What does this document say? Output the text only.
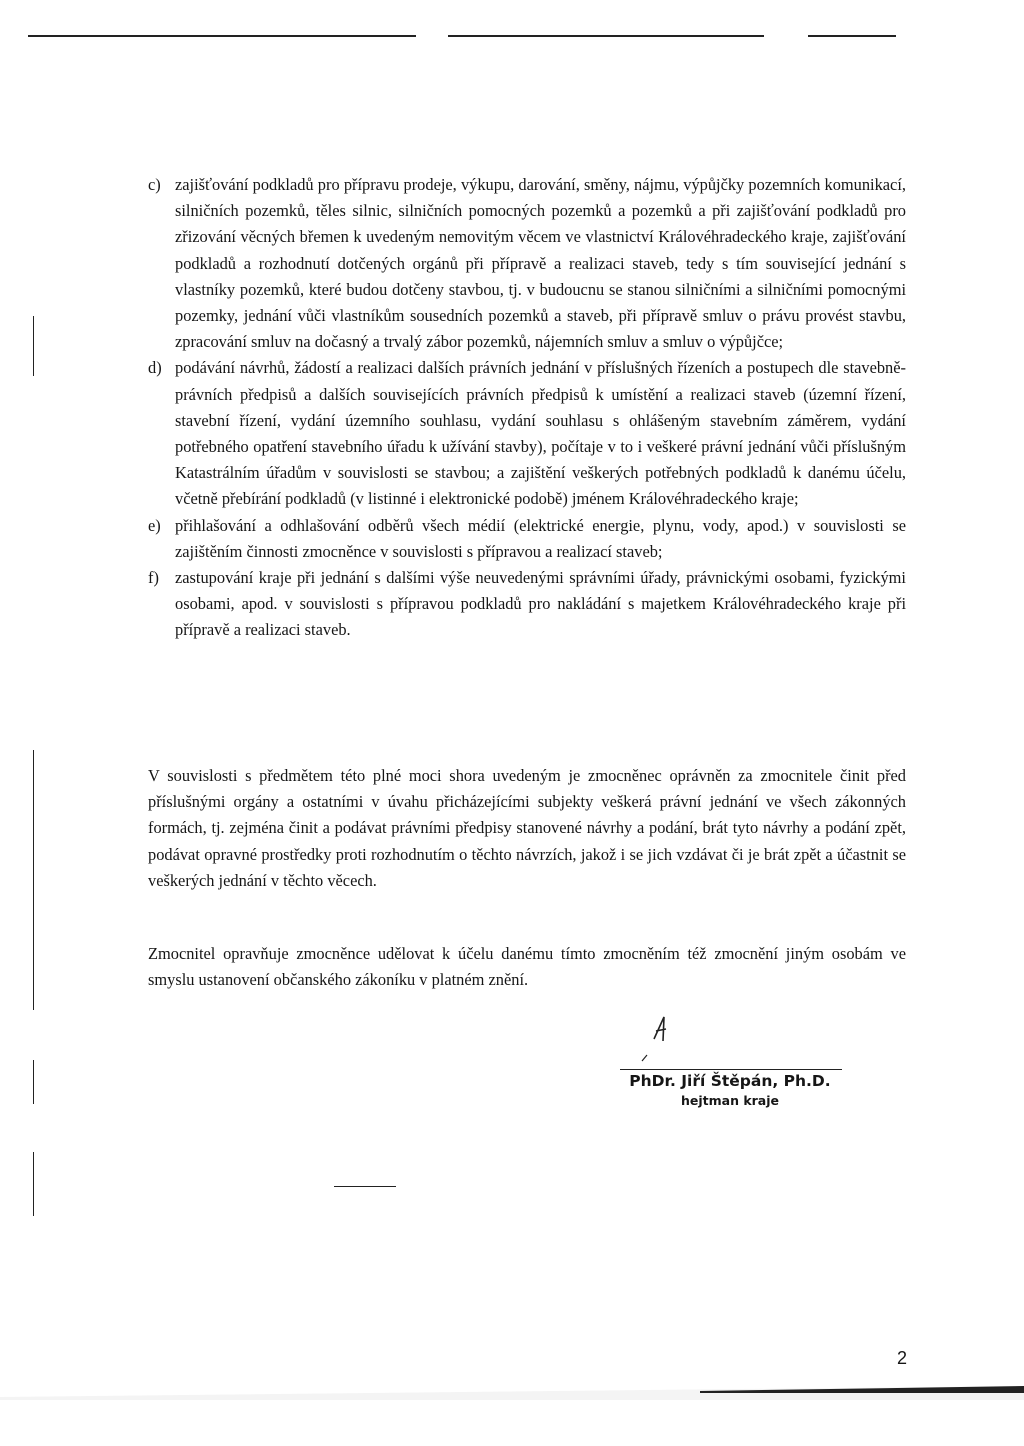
c) zajišťování podkladů pro přípravu prodeje, výkupu, darování, směny, nájmu, výpůjčky pozemních komunikací, silničních pozemků, těles silnic, silničních pomocných pozemků a pozemků a při zajišťování podkladů pro zřizování věcných břemen k uvedeným nemovitým věcem ve vlastnictví Královéhradeckého kraje, zajišťování podkladů a rozhodnutí dotčených orgánů při přípravě a realizaci staveb, tedy s tím související jednání s vlastníky pozemků, které budou dotčeny stavbou, tj. v budoucnu se stanou silničními a silničními pomocnými pozemky, jednání vůči vlastníkům sousedních pozemků a staveb, při přípravě smluv o právu provést stavbu, zpracování smluv na dočasný a trvalý zábor pozemků, nájemních smluv a smluv o výpůjčce;
d) podávání návrhů, žádostí a realizaci dalších právních jednání v příslušných řízeních a postupech dle stavebně-právních předpisů a dalších souvisejících právních předpisů k umístění a realizaci staveb (územní řízení, stavební řízení, vydání územního souhlasu, vydání souhlasu s ohlášeným stavebním záměrem, vydání potřebného opatření stavebního úřadu k užívání stavby), počítaje v to i veškeré právní jednání vůči příslušným Katastrálním úřadům v souvislosti se stavbou; a zajištění veškerých potřebných podkladů k danému účelu, včetně přebírání podkladů (v listinné i elektronické podobě) jménem Královéhradeckého kraje;
e) přihlašování a odhlašování odběrů všech médií (elektrické energie, plynu, vody, apod.) v souvislosti se zajištěním činnosti zmocněnce v souvislosti s přípravou a realizací staveb;
f) zastupování kraje při jednání s dalšími výše neuvedenými správními úřady, právnickými osobami, fyzickými osobami, apod. v souvislosti s přípravou podkladů pro nakládání s majetkem Královéhradeckého kraje při přípravě a realizaci staveb.

V souvislosti s předmětem této plné moci shora uvedeným je zmocněnec oprávněn za zmocnitele činit před příslušnými orgány a ostatními v úvahu přicházejícími subjekty veškerá právní jednání ve všech zákonných formách, tj. zejména činit a podávat právními předpisy stanovené návrhy a podání, brát tyto návrhy a podání zpět, podávat opravné prostředky proti rozhodnutím o těchto návrzích, jakož i se jich vzdávat či je brát zpět a účastnit se veškerých jednání v těchto věcech.

Zmocnitel opravňuje zmocněnce udělovat k účelu danému tímto zmocněním též zmocnění jiným osobám ve smyslu ustanovení občanského zákoníku v platném znění.

PhDr. Jiří Štěpán, Ph.D.
hejtman kraje
2
